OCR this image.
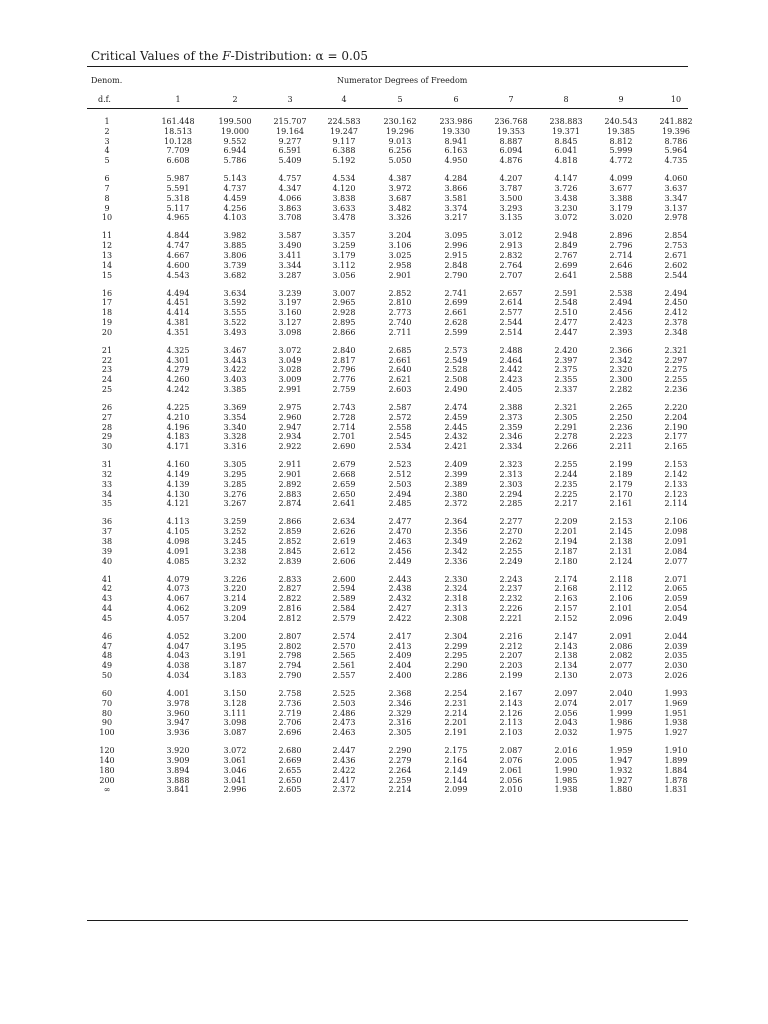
Critical Values of the F-Distribution: α = 0.05
Denom.	Numerator Degrees of Freedom
d.f.	1	2	3	4	5	6	7	8	9	10
1	161.448	199.500	215.707	224.583	230.162	233.986	236.768	238.883	240.543	241.882
2	18.513	19.000	19.164	19.247	19.296	19.330	19.353	19.371	19.385	19.396
3	10.128	9.552	9.277	9.117	9.013	8.941	8.887	8.845	8.812	8.786
4	7.709	6.944	6.591	6.388	6.256	6.163	6.094	6.041	5.999	5.964
5	6.608	5.786	5.409	5.192	5.050	4.950	4.876	4.818	4.772	4.735
6	5.987	5.143	4.757	4.534	4.387	4.284	4.207	4.147	4.099	4.060
7	5.591	4.737	4.347	4.120	3.972	3.866	3.787	3.726	3.677	3.637
8	5.318	4.459	4.066	3.838	3.687	3.581	3.500	3.438	3.388	3.347
9	5.117	4.256	3.863	3.633	3.482	3.374	3.293	3.230	3.179	3.137
10	4.965	4.103	3.708	3.478	3.326	3.217	3.135	3.072	3.020	2.978
11	4.844	3.982	3.587	3.357	3.204	3.095	3.012	2.948	2.896	2.854
12	4.747	3.885	3.490	3.259	3.106	2.996	2.913	2.849	2.796	2.753
13	4.667	3.806	3.411	3.179	3.025	2.915	2.832	2.767	2.714	2.671
14	4.600	3.739	3.344	3.112	2.958	2.848	2.764	2.699	2.646	2.602
15	4.543	3.682	3.287	3.056	2.901	2.790	2.707	2.641	2.588	2.544
16	4.494	3.634	3.239	3.007	2.852	2.741	2.657	2.591	2.538	2.494
17	4.451	3.592	3.197	2.965	2.810	2.699	2.614	2.548	2.494	2.450
18	4.414	3.555	3.160	2.928	2.773	2.661	2.577	2.510	2.456	2.412
19	4.381	3.522	3.127	2.895	2.740	2.628	2.544	2.477	2.423	2.378
20	4.351	3.493	3.098	2.866	2.711	2.599	2.514	2.447	2.393	2.348
21	4.325	3.467	3.072	2.840	2.685	2.573	2.488	2.420	2.366	2.321
22	4.301	3.443	3.049	2.817	2.661	2.549	2.464	2.397	2.342	2.297
23	4.279	3.422	3.028	2.796	2.640	2.528	2.442	2.375	2.320	2.275
24	4.260	3.403	3.009	2.776	2.621	2.508	2.423	2.355	2.300	2.255
25	4.242	3.385	2.991	2.759	2.603	2.490	2.405	2.337	2.282	2.236
26	4.225	3.369	2.975	2.743	2.587	2.474	2.388	2.321	2.265	2.220
27	4.210	3.354	2.960	2.728	2.572	2.459	2.373	2.305	2.250	2.204
28	4.196	3.340	2.947	2.714	2.558	2.445	2.359	2.291	2.236	2.190
29	4.183	3.328	2.934	2.701	2.545	2.432	2.346	2.278	2.223	2.177
30	4.171	3.316	2.922	2.690	2.534	2.421	2.334	2.266	2.211	2.165
31	4.160	3.305	2.911	2.679	2.523	2.409	2.323	2.255	2.199	2.153
32	4.149	3.295	2.901	2.668	2.512	2.399	2.313	2.244	2.189	2.142
33	4.139	3.285	2.892	2.659	2.503	2.389	2.303	2.235	2.179	2.133
34	4.130	3.276	2.883	2.650	2.494	2.380	2.294	2.225	2.170	2.123
35	4.121	3.267	2.874	2.641	2.485	2.372	2.285	2.217	2.161	2.114
36	4.113	3.259	2.866	2.634	2.477	2.364	2.277	2.209	2.153	2.106
37	4.105	3.252	2.859	2.626	2.470	2.356	2.270	2.201	2.145	2.098
38	4.098	3.245	2.852	2.619	2.463	2.349	2.262	2.194	2.138	2.091
39	4.091	3.238	2.845	2.612	2.456	2.342	2.255	2.187	2.131	2.084
40	4.085	3.232	2.839	2.606	2.449	2.336	2.249	2.180	2.124	2.077
41	4.079	3.226	2.833	2.600	2.443	2.330	2.243	2.174	2.118	2.071
42	4.073	3.220	2.827	2.594	2.438	2.324	2.237	2.168	2.112	2.065
43	4.067	3.214	2.822	2.589	2.432	2.318	2.232	2.163	2.106	2.059
44	4.062	3.209	2.816	2.584	2.427	2.313	2.226	2.157	2.101	2.054
45	4.057	3.204	2.812	2.579	2.422	2.308	2.221	2.152	2.096	2.049
46	4.052	3.200	2.807	2.574	2.417	2.304	2.216	2.147	2.091	2.044
47	4.047	3.195	2.802	2.570	2.413	2.299	2.212	2.143	2.086	2.039
48	4.043	3.191	2.798	2.565	2.409	2.295	2.207	2.138	2.082	2.035
49	4.038	3.187	2.794	2.561	2.404	2.290	2.203	2.134	2.077	2.030
50	4.034	3.183	2.790	2.557	2.400	2.286	2.199	2.130	2.073	2.026
60	4.001	3.150	2.758	2.525	2.368	2.254	2.167	2.097	2.040	1.993
70	3.978	3.128	2.736	2.503	2.346	2.231	2.143	2.074	2.017	1.969
80	3.960	3.111	2.719	2.486	2.329	2.214	2.126	2.056	1.999	1.951
90	3.947	3.098	2.706	2.473	2.316	2.201	2.113	2.043	1.986	1.938
100	3.936	3.087	2.696	2.463	2.305	2.191	2.103	2.032	1.975	1.927
120	3.920	3.072	2.680	2.447	2.290	2.175	2.087	2.016	1.959	1.910
140	3.909	3.061	2.669	2.436	2.279	2.164	2.076	2.005	1.947	1.899
180	3.894	3.046	2.655	2.422	2.264	2.149	2.061	1.990	1.932	1.884
200	3.888	3.041	2.650	2.417	2.259	2.144	2.056	1.985	1.927	1.878
∞	3.841	2.996	2.605	2.372	2.214	2.099	2.010	1.938	1.880	1.831
